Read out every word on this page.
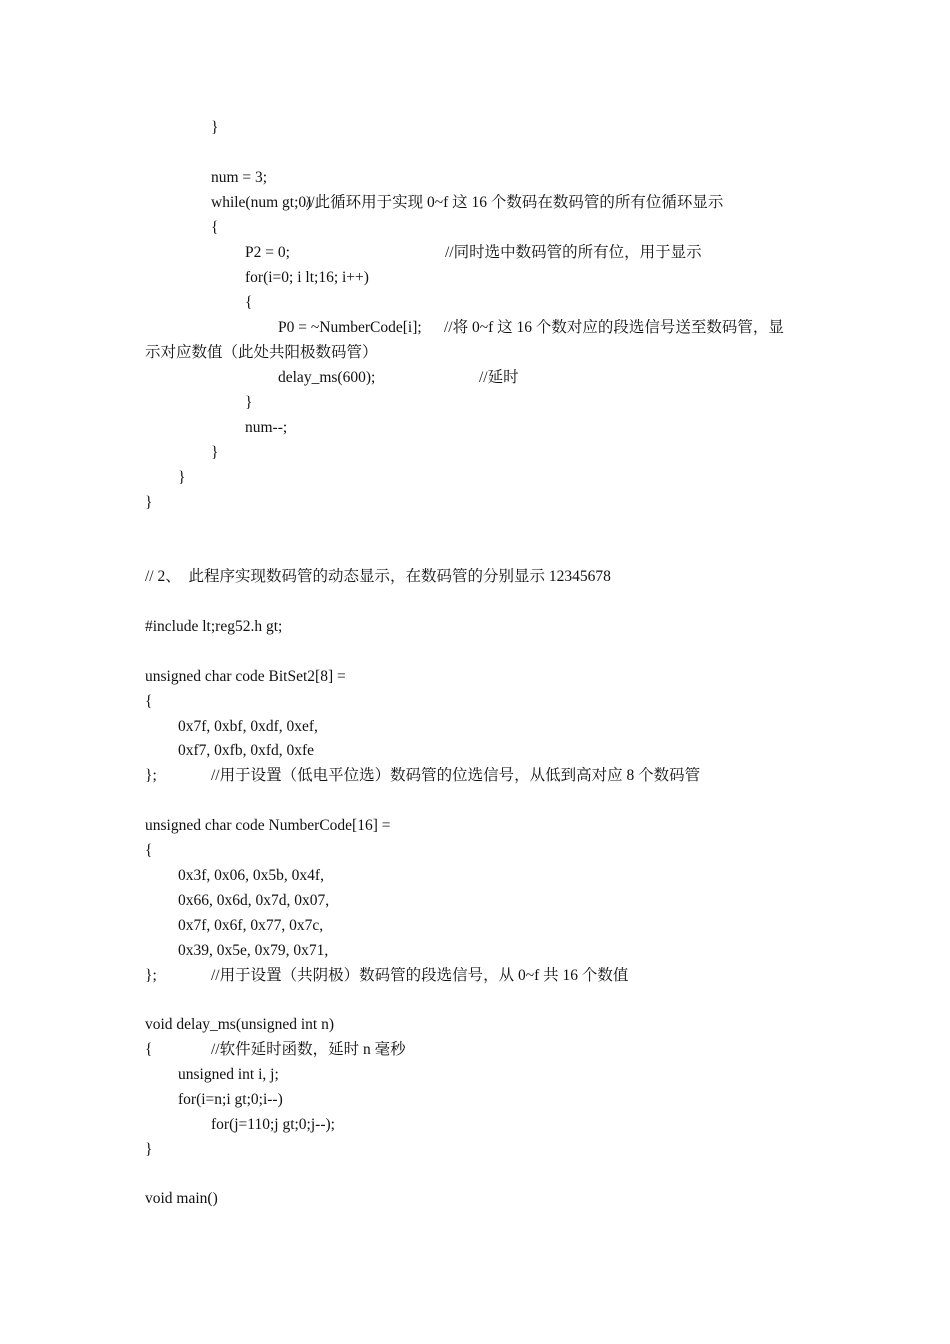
}
num = 3;
while(num gt;0)
//此循环用于实现 0~f 这 16 个数码在数码管的所有位循环显示
{
P2 = 0;	//同时选中数码管的所有位，用于显示
for(i=0; i lt;16; i++)
{
P0 = ~NumberCode[i]; //将 0~f 这 16 个数对应的段选信号送至数码管，显
示对应数值（此处共阳极数码管）
delay_ms(600);	//延时
}
num--;
}
}
}
// 2、  此程序实现数码管的动态显示，在数码管的分别显示 12345678
#include lt;reg52.h gt;
unsigned char code BitSet2[8] =
{
0x7f, 0xbf, 0xdf, 0xef,
0xf7, 0xfb, 0xfd, 0xfe
};	//用于设置（低电平位选）数码管的位选信号，从低到高对应 8 个数码管
unsigned char code NumberCode[16] =
{
0x3f, 0x06, 0x5b, 0x4f,
0x66, 0x6d, 0x7d, 0x07,
0x7f, 0x6f, 0x77, 0x7c,
0x39, 0x5e, 0x79, 0x71,
};	//用于设置（共阴极）数码管的段选信号，从 0~f 共 16 个数值
void delay_ms(unsigned int n)
{	//软件延时函数，延时 n 毫秒
unsigned int i, j;
for(i=n;i gt;0;i--)
for(j=110;j gt;0;j--);
}
void main()
